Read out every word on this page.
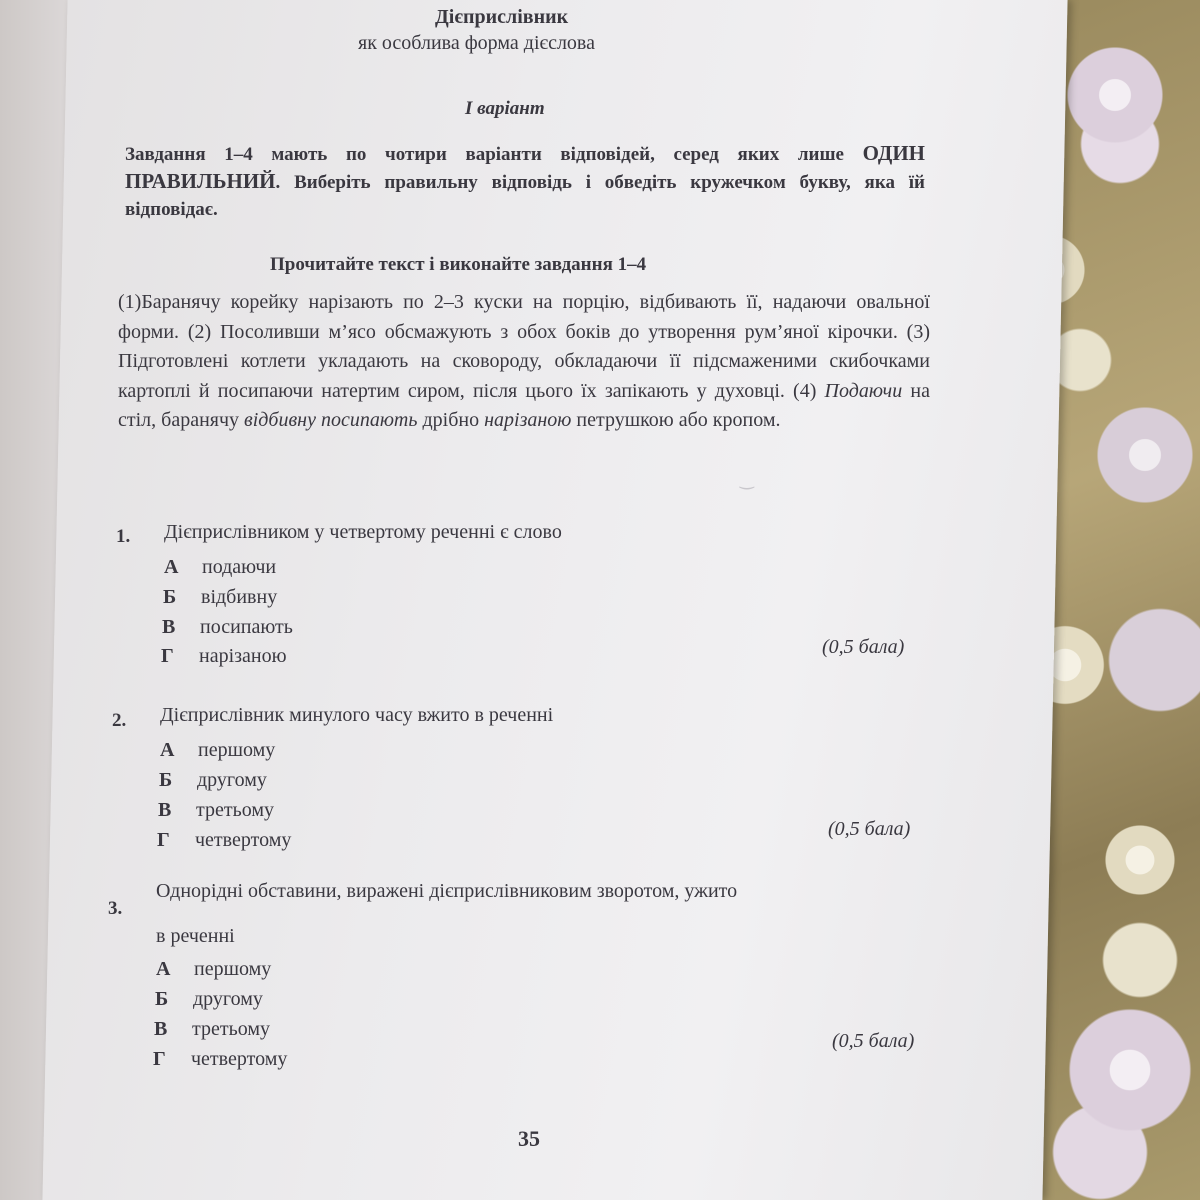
‿
Дієприслівник
як особлива форма дієслова
I варіант
Завдання 1–4 мають по чотири варіанти відповідей, серед яких лише ОДИН ПРАВИЛЬНИЙ. Виберіть правильну відповідь і обведіть кружечком букву, яка їй відповідає.
Прочитайте текст і виконайте завдання 1–4
(1)Баранячу корейку нарізають по 2–3 куски на порцію, відбивають її, надаючи овальної форми. (2) Посоливши м’ясо обсмажують з обох боків до утворення рум’яної кірочки. (3) Підготовлені котлети укладають на сковороду, обкладаючи її підсмаженими скибочками картоплі й посипаючи натертим сиром, після цього їх запікають у духовці. (4) Подаючи на стіл, баранячу відбивну посипають дрібно нарізаною петрушкою або кропом.
1. Дієприслівником у четвертому реченні є слово
А подаючи
Б відбивну
В посипають
Г нарізаною	(0,5 бала)
2. Дієприслівник минулого часу вжито в реченні
А першому
Б другому
В третьому
Г четвертому	(0,5 бала)
3.
Однорідні обставини, виражені дієприслівниковим зворотом, ужито
в реченні
А першому
Б другому
В третьому
Г четвертому
(0,5 бала)
35
